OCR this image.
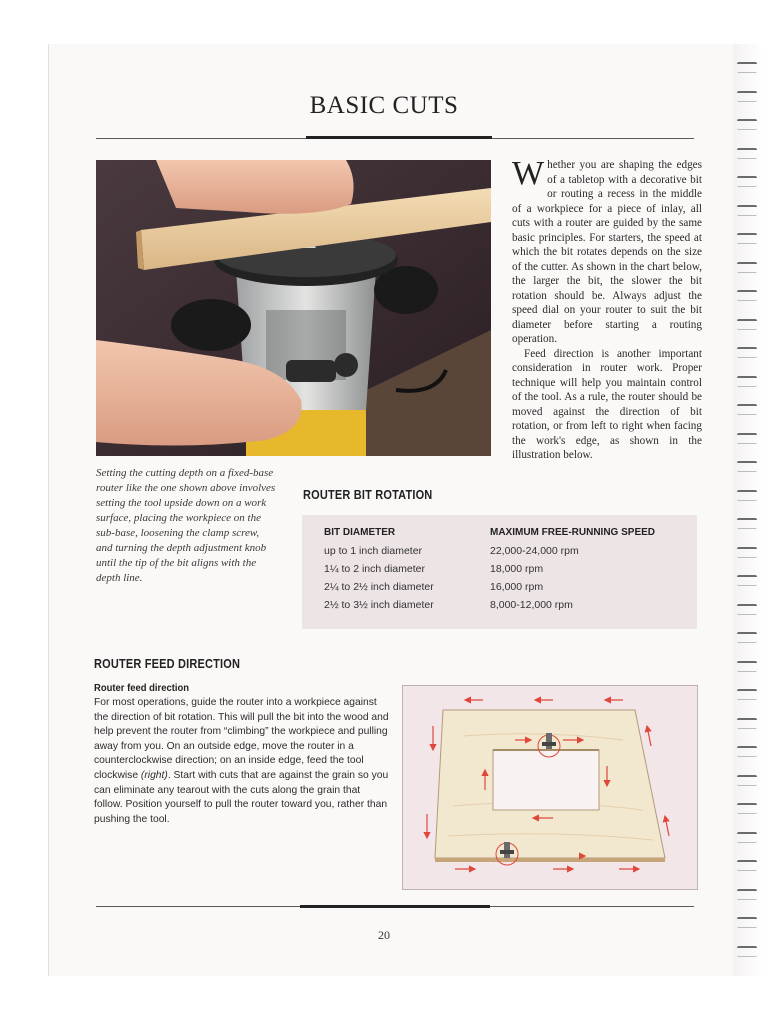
BASIC CUTS

Setting the cutting depth on a fixed-base router like the one shown above involves setting the tool upside down on a work surface, placing the workpiece on the sub-base, loosening the clamp screw, and turning the depth adjustment knob until the tip of the bit aligns with the depth line.

Whether you are shaping the edges of a tabletop with a decorative bit or routing a recess in the middle of a workpiece for a piece of inlay, all cuts with a router are guided by the same basic principles. For starters, the speed at which the bit rotates depends on the size of the cutter. As shown in the chart below, the larger the bit, the slower the bit rotation should be. Always adjust the speed dial on your router to suit the bit diameter before starting a routing operation.

Feed direction is another important consideration in router work. Proper technique will help you maintain control of the tool. As a rule, the router should be moved against the direction of bit rotation, or from left to right when facing the work's edge, as shown in the illustration below.

ROUTER BIT ROTATION
BIT DIAMETER	MAXIMUM FREE-RUNNING SPEED
up to 1 inch diameter	22,000-24,000 rpm
1¼ to 2 inch diameter	18,000 rpm
2¼ to 2½ inch diameter	16,000 rpm
2½ to 3½ inch diameter	8,000-12,000 rpm
ROUTER FEED DIRECTION

Router feed direction

For most operations, guide the router into a workpiece against the direction of bit rotation. This will pull the bit into the wood and help prevent the router from “climbing” the workpiece and pulling away from you. On an outside edge, move the router in a counterclockwise direction; on an inside edge, feed the tool clockwise (right). Start with cuts that are against the grain so you can eliminate any tearout with the cuts along the grain that follow. Position yourself to pull the router toward you, rather than pushing the tool.

20
